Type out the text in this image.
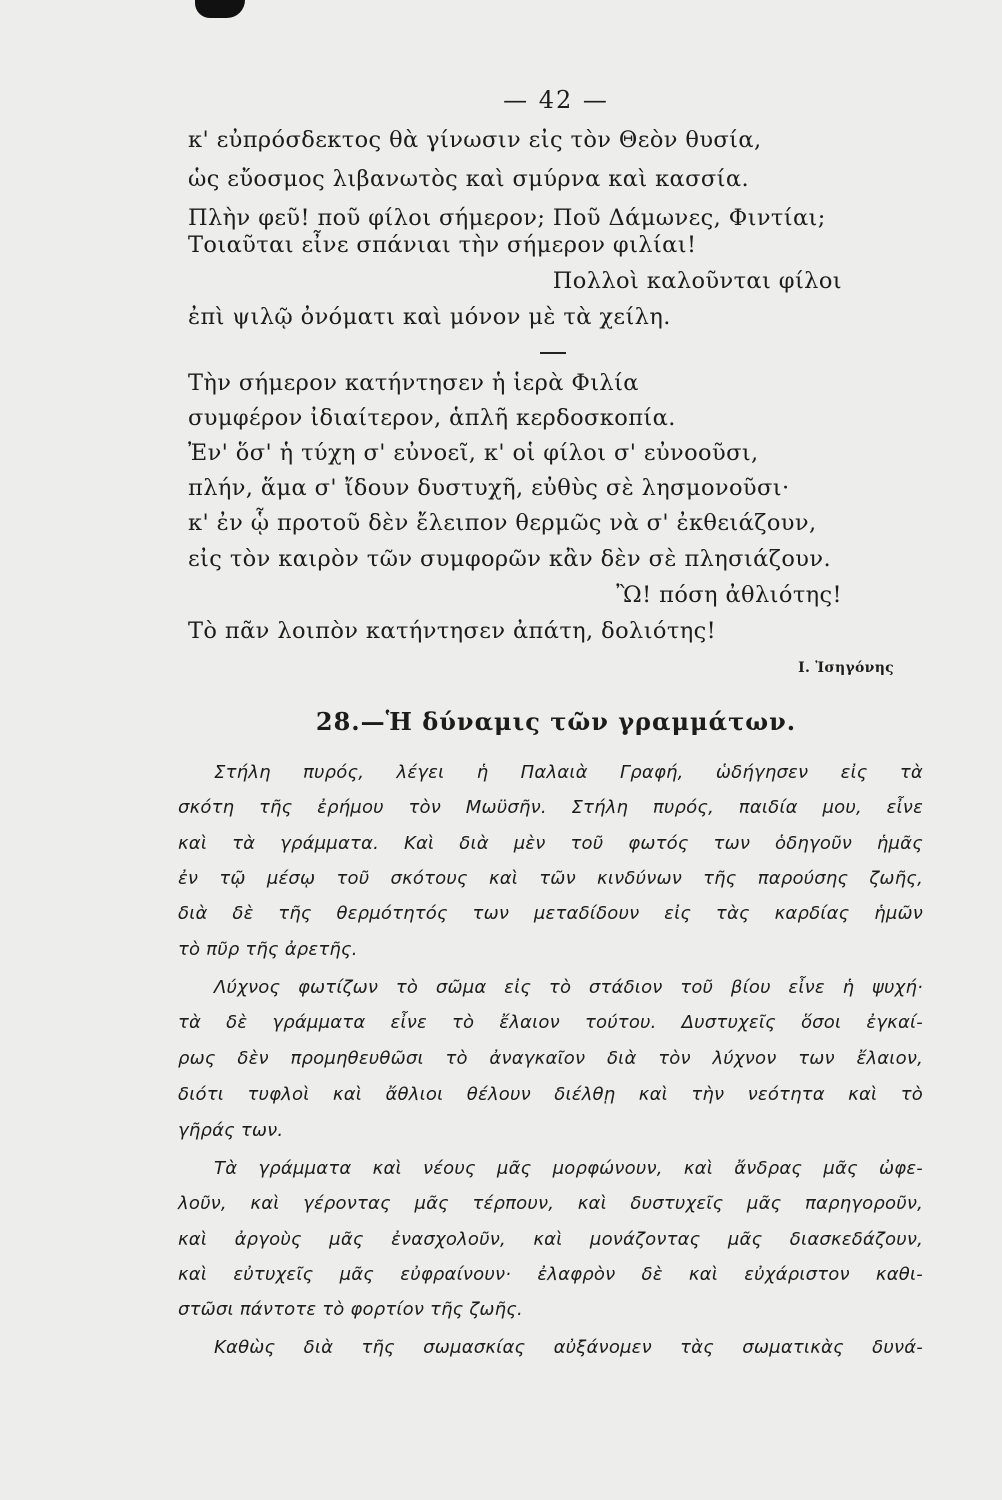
— 42 —
κ' εὐπρόσδεκτος θὰ γίνωσιν εἰς τὸν Θεὸν θυσία,
ὡς εὔοσμος λιβανωτὸς καὶ σμύρνα καὶ κασσία.
Πλὴν φεῦ! ποῦ φίλοι σήμερον; Ποῦ Δάμωνες, Φιντίαι;
Τοιαῦται εἶνε σπάνιαι τὴν σήμερον φιλίαι!
Πολλοὶ καλοῦνται φίλοι
ἐπὶ ψιλῷ ὀνόματι καὶ μόνον μὲ τὰ χείλη.
Τὴν σήμερον κατήντησεν ἡ ἱερὰ Φιλία
συμφέρον ἰδιαίτερον, ἁπλῆ κερδοσκοπία.
Ἐν' ὅσ' ἡ τύχη σ' εὐνοεῖ, κ' οἱ φίλοι σ' εὐνοοῦσι,
πλήν, ἅμα σ' ἴδουν δυστυχῆ, εὐθὺς σὲ λησμονοῦσι·
κ' ἐν ᾧ προτοῦ δὲν ἔλειπον θερμῶς νὰ σ' ἐκθειάζουν,
εἰς τὸν καιρὸν τῶν συμφορῶν κἂν δὲν σὲ πλησιάζουν.
Ὢ! πόση ἀθλιότης!
Τὸ πᾶν λοιπὸν κατήντησεν ἀπάτη, δολιότης!
Ι. Ἰσηγόνης
28.—Ἡ δύναμις τῶν γραμμάτων.
Στήλη πυρός, λέγει ἡ Παλαιὰ Γραφή, ὡδήγησεν εἰς τὰ
σκότη τῆς ἐρήμου τὸν Μωϋσῆν. Στήλη πυρός, παιδία μου, εἶνε
καὶ τὰ γράμματα. Καὶ διὰ μὲν τοῦ φωτός των ὁδηγοῦν ἡμᾶς
ἐν τῷ μέσῳ τοῦ σκότους καὶ τῶν κινδύνων τῆς παρούσης ζωῆς,
διὰ δὲ τῆς θερμότητός των μεταδίδουν εἰς τὰς καρδίας ἡμῶν
τὸ πῦρ τῆς ἀρετῆς.
Λύχνος φωτίζων τὸ σῶμα εἰς τὸ στάδιον τοῦ βίου εἶνε ἡ ψυχή·
τὰ δὲ γράμματα εἶνε τὸ ἔλαιον τούτου. Δυστυχεῖς ὅσοι ἐγκαί-
ρως δὲν προμηθευθῶσι τὸ ἀναγκαῖον διὰ τὸν λύχνον των ἔλαιον,
διότι τυφλοὶ καὶ ἄθλιοι θέλουν διέλθῃ καὶ τὴν νεότητα καὶ τὸ
γῆράς των.
Τὰ γράμματα καὶ νέους μᾶς μορφώνουν, καὶ ἄνδρας μᾶς ὠφε-
λοῦν, καὶ γέροντας μᾶς τέρπουν, καὶ δυστυχεῖς μᾶς παρηγοροῦν,
καὶ ἀργοὺς μᾶς ἐνασχολοῦν, καὶ μονάζοντας μᾶς διασκεδάζουν,
καὶ εὐτυχεῖς μᾶς εὐφραίνουν· ἐλαφρὸν δὲ καὶ εὐχάριστον καθι-
στῶσι πάντοτε τὸ φορτίον τῆς ζωῆς.
Καθὼς διὰ τῆς σωμασκίας αὐξάνομεν τὰς σωματικὰς δυνά-
